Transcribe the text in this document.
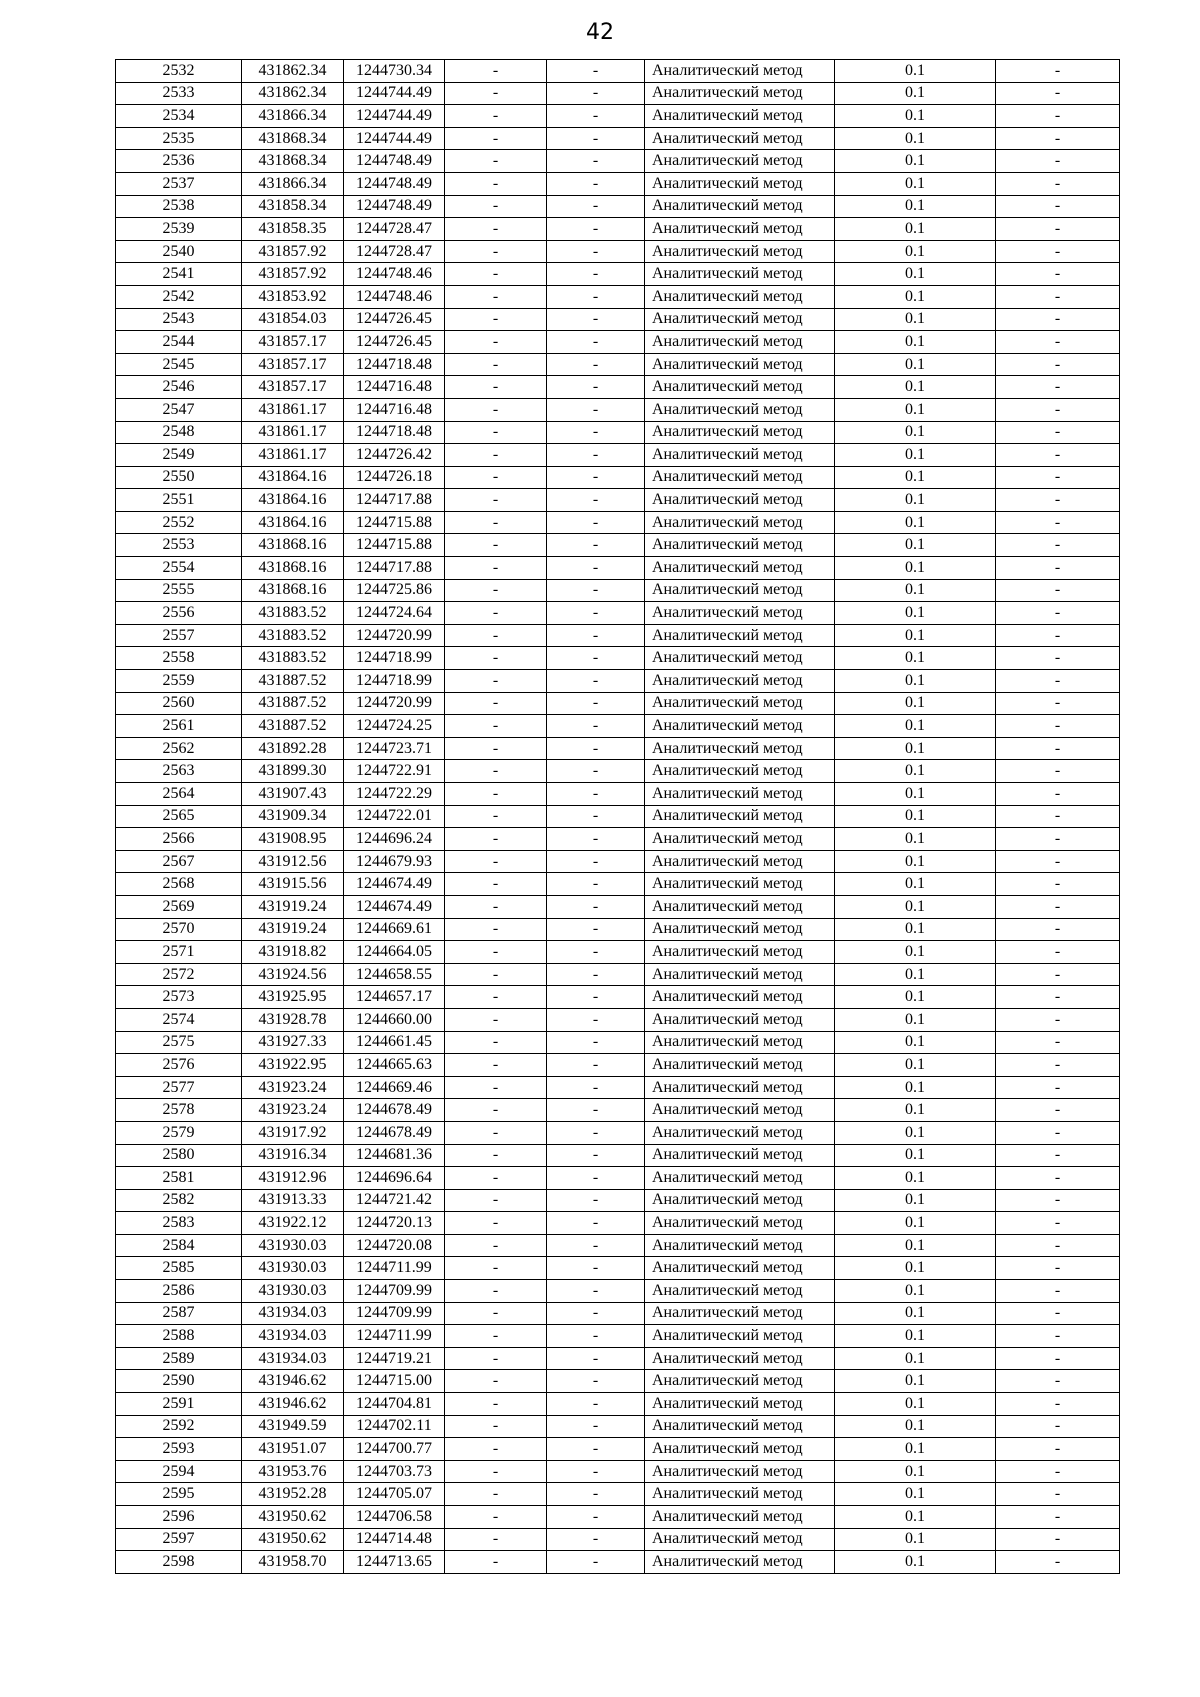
42
2532	431862.34	1244730.34	-	-	Аналитический метод	0.1	-
2533	431862.34	1244744.49	-	-	Аналитический метод	0.1	-
2534	431866.34	1244744.49	-	-	Аналитический метод	0.1	-
2535	431868.34	1244744.49	-	-	Аналитический метод	0.1	-
2536	431868.34	1244748.49	-	-	Аналитический метод	0.1	-
2537	431866.34	1244748.49	-	-	Аналитический метод	0.1	-
2538	431858.34	1244748.49	-	-	Аналитический метод	0.1	-
2539	431858.35	1244728.47	-	-	Аналитический метод	0.1	-
2540	431857.92	1244728.47	-	-	Аналитический метод	0.1	-
2541	431857.92	1244748.46	-	-	Аналитический метод	0.1	-
2542	431853.92	1244748.46	-	-	Аналитический метод	0.1	-
2543	431854.03	1244726.45	-	-	Аналитический метод	0.1	-
2544	431857.17	1244726.45	-	-	Аналитический метод	0.1	-
2545	431857.17	1244718.48	-	-	Аналитический метод	0.1	-
2546	431857.17	1244716.48	-	-	Аналитический метод	0.1	-
2547	431861.17	1244716.48	-	-	Аналитический метод	0.1	-
2548	431861.17	1244718.48	-	-	Аналитический метод	0.1	-
2549	431861.17	1244726.42	-	-	Аналитический метод	0.1	-
2550	431864.16	1244726.18	-	-	Аналитический метод	0.1	-
2551	431864.16	1244717.88	-	-	Аналитический метод	0.1	-
2552	431864.16	1244715.88	-	-	Аналитический метод	0.1	-
2553	431868.16	1244715.88	-	-	Аналитический метод	0.1	-
2554	431868.16	1244717.88	-	-	Аналитический метод	0.1	-
2555	431868.16	1244725.86	-	-	Аналитический метод	0.1	-
2556	431883.52	1244724.64	-	-	Аналитический метод	0.1	-
2557	431883.52	1244720.99	-	-	Аналитический метод	0.1	-
2558	431883.52	1244718.99	-	-	Аналитический метод	0.1	-
2559	431887.52	1244718.99	-	-	Аналитический метод	0.1	-
2560	431887.52	1244720.99	-	-	Аналитический метод	0.1	-
2561	431887.52	1244724.25	-	-	Аналитический метод	0.1	-
2562	431892.28	1244723.71	-	-	Аналитический метод	0.1	-
2563	431899.30	1244722.91	-	-	Аналитический метод	0.1	-
2564	431907.43	1244722.29	-	-	Аналитический метод	0.1	-
2565	431909.34	1244722.01	-	-	Аналитический метод	0.1	-
2566	431908.95	1244696.24	-	-	Аналитический метод	0.1	-
2567	431912.56	1244679.93	-	-	Аналитический метод	0.1	-
2568	431915.56	1244674.49	-	-	Аналитический метод	0.1	-
2569	431919.24	1244674.49	-	-	Аналитический метод	0.1	-
2570	431919.24	1244669.61	-	-	Аналитический метод	0.1	-
2571	431918.82	1244664.05	-	-	Аналитический метод	0.1	-
2572	431924.56	1244658.55	-	-	Аналитический метод	0.1	-
2573	431925.95	1244657.17	-	-	Аналитический метод	0.1	-
2574	431928.78	1244660.00	-	-	Аналитический метод	0.1	-
2575	431927.33	1244661.45	-	-	Аналитический метод	0.1	-
2576	431922.95	1244665.63	-	-	Аналитический метод	0.1	-
2577	431923.24	1244669.46	-	-	Аналитический метод	0.1	-
2578	431923.24	1244678.49	-	-	Аналитический метод	0.1	-
2579	431917.92	1244678.49	-	-	Аналитический метод	0.1	-
2580	431916.34	1244681.36	-	-	Аналитический метод	0.1	-
2581	431912.96	1244696.64	-	-	Аналитический метод	0.1	-
2582	431913.33	1244721.42	-	-	Аналитический метод	0.1	-
2583	431922.12	1244720.13	-	-	Аналитический метод	0.1	-
2584	431930.03	1244720.08	-	-	Аналитический метод	0.1	-
2585	431930.03	1244711.99	-	-	Аналитический метод	0.1	-
2586	431930.03	1244709.99	-	-	Аналитический метод	0.1	-
2587	431934.03	1244709.99	-	-	Аналитический метод	0.1	-
2588	431934.03	1244711.99	-	-	Аналитический метод	0.1	-
2589	431934.03	1244719.21	-	-	Аналитический метод	0.1	-
2590	431946.62	1244715.00	-	-	Аналитический метод	0.1	-
2591	431946.62	1244704.81	-	-	Аналитический метод	0.1	-
2592	431949.59	1244702.11	-	-	Аналитический метод	0.1	-
2593	431951.07	1244700.77	-	-	Аналитический метод	0.1	-
2594	431953.76	1244703.73	-	-	Аналитический метод	0.1	-
2595	431952.28	1244705.07	-	-	Аналитический метод	0.1	-
2596	431950.62	1244706.58	-	-	Аналитический метод	0.1	-
2597	431950.62	1244714.48	-	-	Аналитический метод	0.1	-
2598	431958.70	1244713.65	-	-	Аналитический метод	0.1	-
